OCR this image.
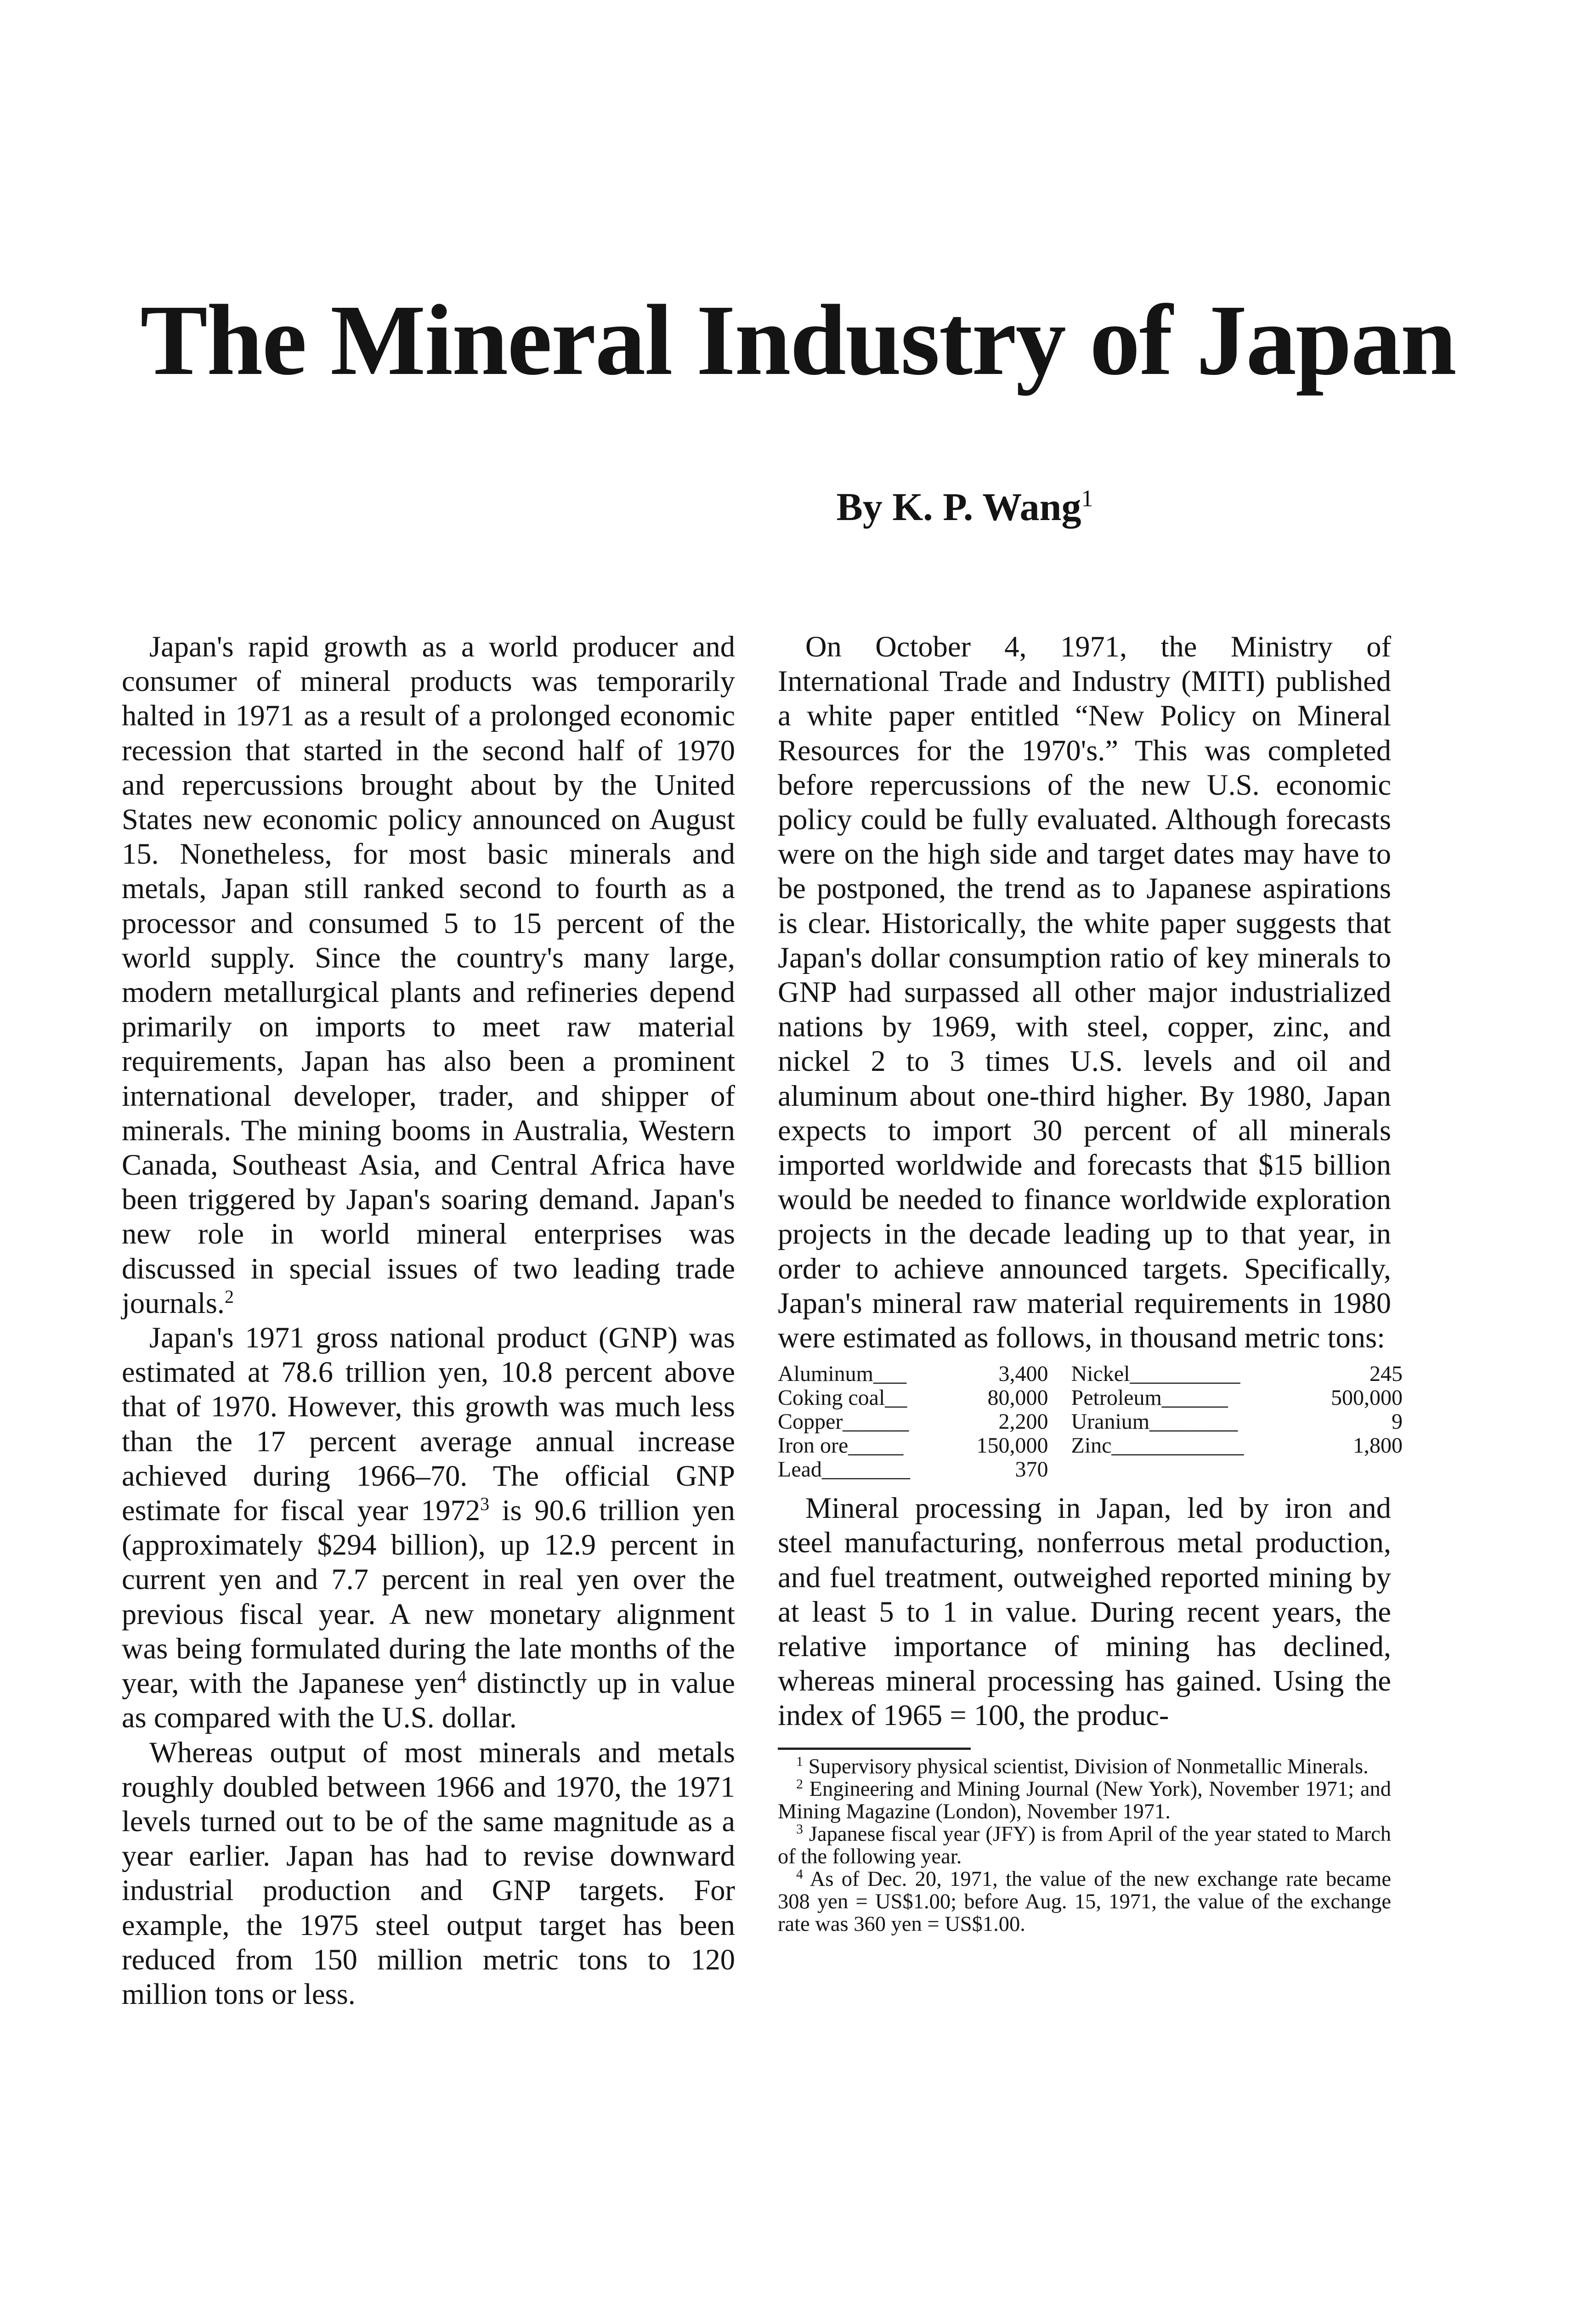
The Mineral Industry of Japan
By K. P. Wang$^1$

Japan's rapid growth as a world producer and consumer of mineral products was temporarily halted in 1971 as a result of a prolonged economic recession that started in the second half of 1970 and repercussions brought about by the United States new economic policy announced on August 15. Nonetheless, for most basic minerals and metals, Japan still ranked second to fourth as a processor and consumed 5 to 15 percent of the world supply. Since the country's many large, modern metallurgical plants and refineries depend primarily on imports to meet raw material requirements, Japan has also been a prominent international developer, trader, and shipper of minerals. The mining booms in Australia, Western Canada, Southeast Asia, and Central Africa have been triggered by Japan's soaring demand. Japan's new role in world mineral enterprises was discussed in special issues of two leading trade journals.$^2$

Japan's 1971 gross national product (GNP) was estimated at 78.6 trillion yen, 10.8 percent above that of 1970. However, this growth was much less than the 17 percent average annual increase achieved during 1966–70. The official GNP estimate for fiscal year 1972$^3$ is 90.6 trillion yen (approximately $294 billion), up 12.9 percent in current yen and 7.7 percent in real yen over the previous fiscal year. A new monetary alignment was being formulated during the late months of the year, with the Japanese yen$^4$ distinctly up in value as compared with the U.S. dollar.

Whereas output of most minerals and metals roughly doubled between 1966 and 1970, the 1971 levels turned out to be of the same magnitude as a year earlier. Japan has had to revise downward industrial production and GNP targets. For example, the 1975 steel output target has been reduced from 150 million metric tons to 120 million tons or less.

On October 4, 1971, the Ministry of International Trade and Industry (MITI) published a white paper entitled “New Policy on Mineral Resources for the 1970's.” This was completed before repercussions of the new U.S. economic policy could be fully evaluated. Although forecasts were on the high side and target dates may have to be postponed, the trend as to Japanese aspirations is clear. Historically, the white paper suggests that Japan's dollar consumption ratio of key minerals to GNP had surpassed all other major industrialized nations by 1969, with steel, copper, zinc, and nickel 2 to 3 times U.S. levels and oil and aluminum about one-third higher. By 1980, Japan expects to import 30 percent of all minerals imported worldwide and forecasts that $15 billion would be needed to finance worldwide exploration projects in the decade leading up to that year, in order to achieve announced targets. Specifically, Japan's mineral raw material requirements in 1980 were estimated as follows, in thousand metric tons:

Aluminum___	3,400	Nickel__________	245
Coking coal__	80,000	Petroleum______	500,000
Copper______	2,200	Uranium________	9
Iron ore_____	150,000	Zinc____________	1,800
Lead________	370		

Mineral processing in Japan, led by iron and steel manufacturing, nonferrous metal production, and fuel treatment, outweighed reported mining by at least 5 to 1 in value. During recent years, the relative importance of mining has declined, whereas mineral processing has gained. Using the index of 1965 = 100, the produc-

$^1$ Supervisory physical scientist, Division of Nonmetallic Minerals.

$^2$ Engineering and Mining Journal (New York), November 1971; and Mining Magazine (London), November 1971.

$^3$ Japanese fiscal year (JFY) is from April of the year stated to March of the following year.

$^4$ As of Dec. 20, 1971, the value of the new exchange rate became 308 yen = US$1.00; before Aug. 15, 1971, the value of the exchange rate was 360 yen = US$1.00.
